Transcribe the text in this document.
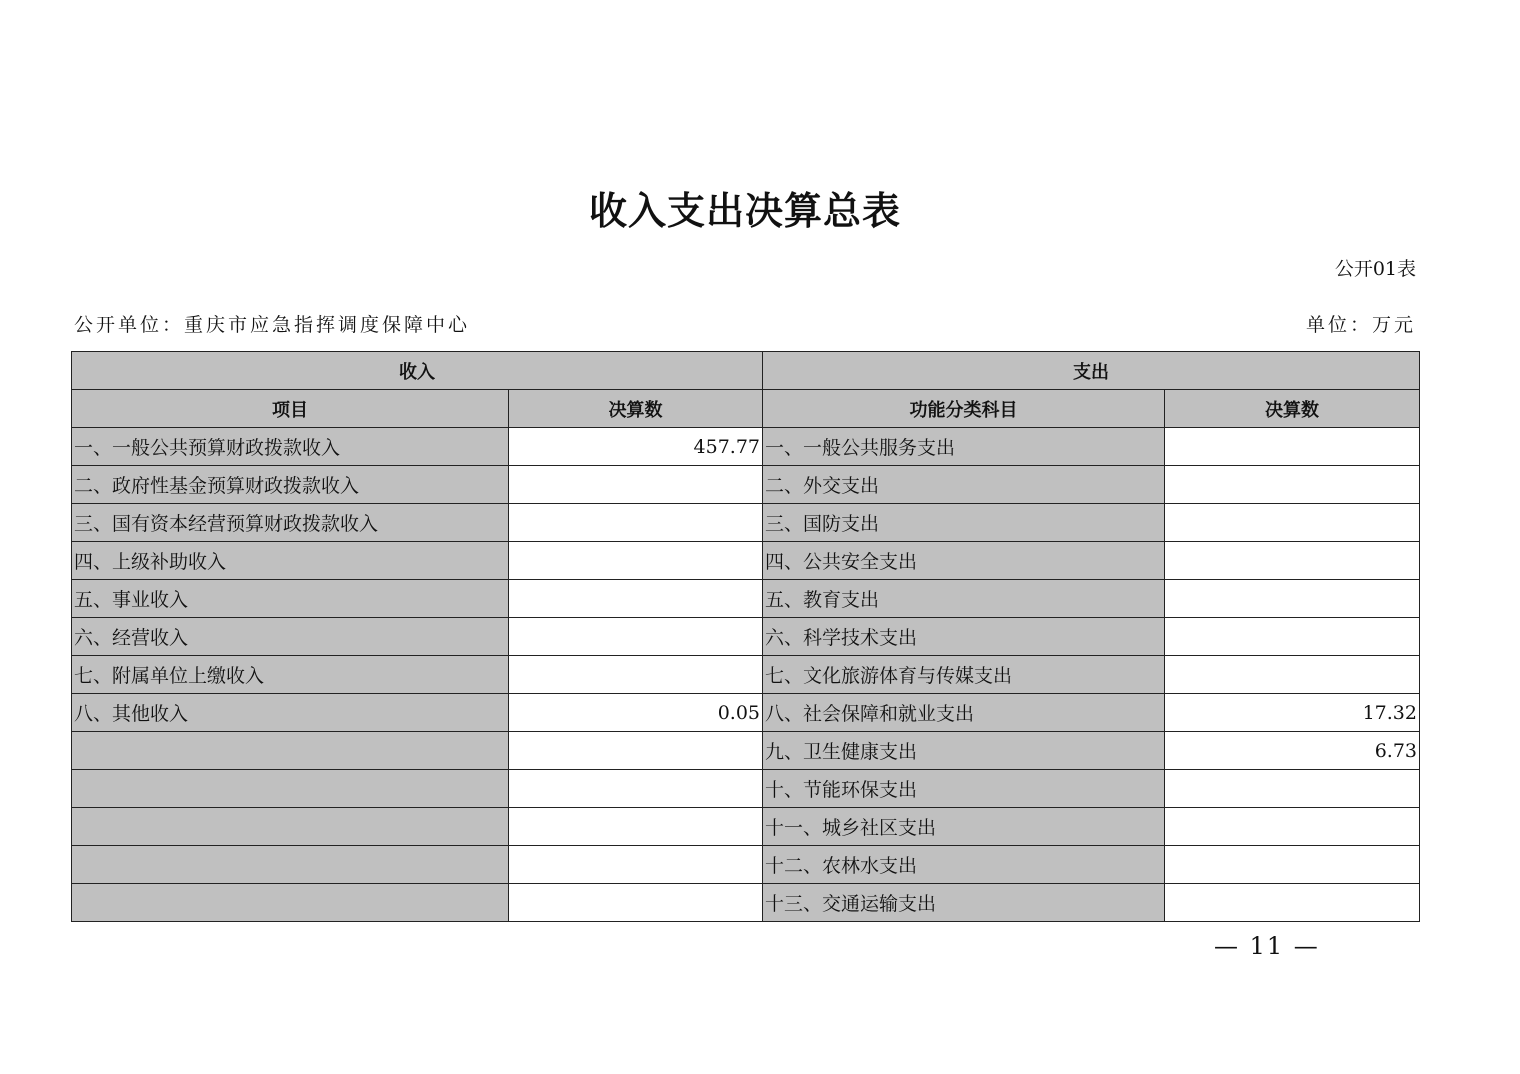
收入支出决算总表
公开01表
公开单位：重庆市应急指挥调度保障中心	单位：万元
收入		支出	
项目	决算数	功能分类科目	决算数
一、一般公共预算财政拨款收入	457.77	一、一般公共服务支出	
二、政府性基金预算财政拨款收入		二、外交支出	
三、国有资本经营预算财政拨款收入		三、国防支出	
四、上级补助收入		四、公共安全支出	
五、事业收入		五、教育支出	
六、经营收入		六、科学技术支出	
七、附属单位上缴收入		七、文化旅游体育与传媒支出	
八、其他收入	0.05	八、社会保障和就业支出	17.32
		九、卫生健康支出	6.73
		十、节能环保支出	
		十一、城乡社区支出	
		十二、农林水支出	
		十三、交通运输支出	
— 11 —
